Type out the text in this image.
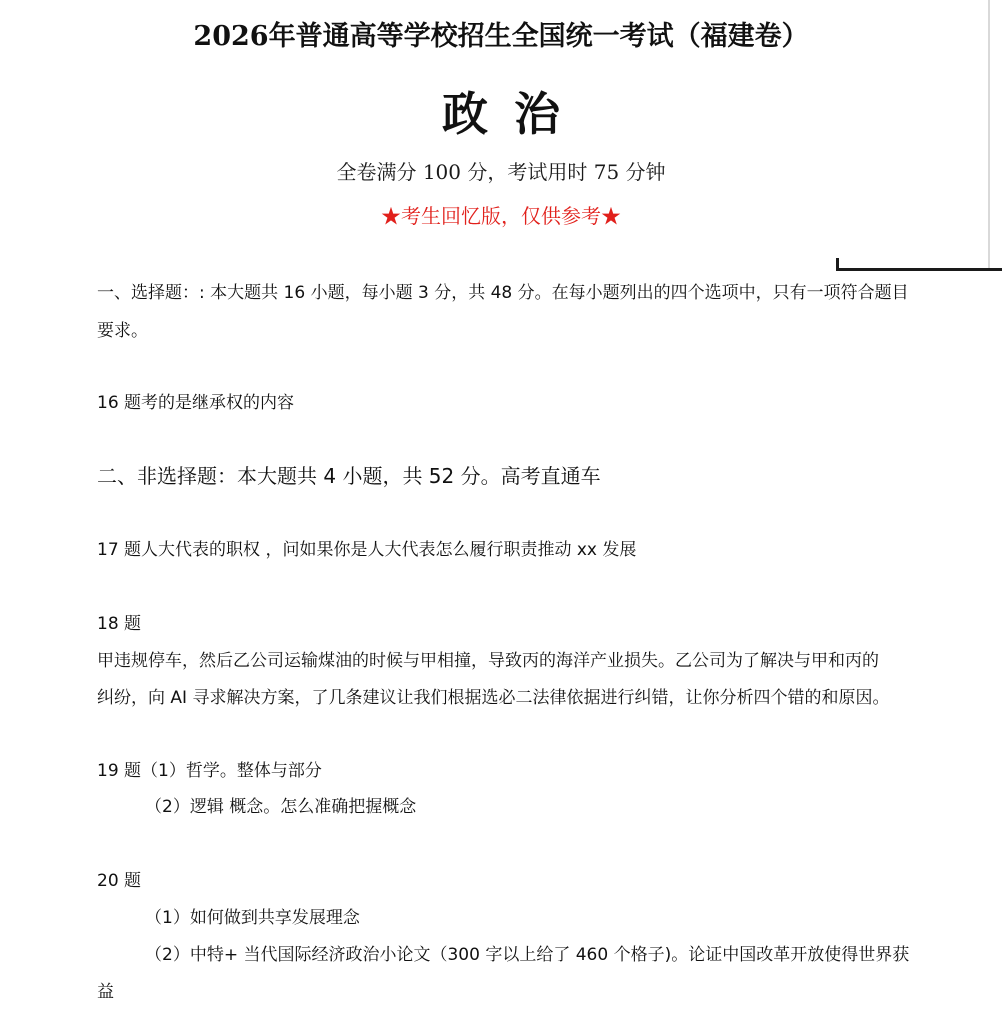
2026年普通高等学校招生全国统一考试（福建卷）
政治
全卷满分 100 分，考试用时 75 分钟
★考生回忆版，仅供参考★
一、选择题：: 本大题共 16 小题，每小题 3 分，共 48 分。在每小题列出的四个选项中，只有一项符合题目
要求。
16 题考的是继承权的内容
二、非选择题：本大题共 4 小题，共 52 分。高考直通车
17 题人大代表的职权 ，问如果你是人大代表怎么履行职责推动 xx 发展
18 题
甲违规停车，然后乙公司运输煤油的时候与甲相撞，导致丙的海洋产业损失。乙公司为了解决与甲和丙的
纠纷，向 AI 寻求解决方案，了几条建议让我们根据选必二法律依据进行纠错，让你分析四个错的和原因。
19 题（1）哲学。整体与部分
（2）逻辑 概念。怎么准确把握概念
20 题
（1）如何做到共享发展理念
（2）中特+ 当代国际经济政治小论文（300 字以上给了 460 个格子)。论证中国改革开放使得世界获
益
